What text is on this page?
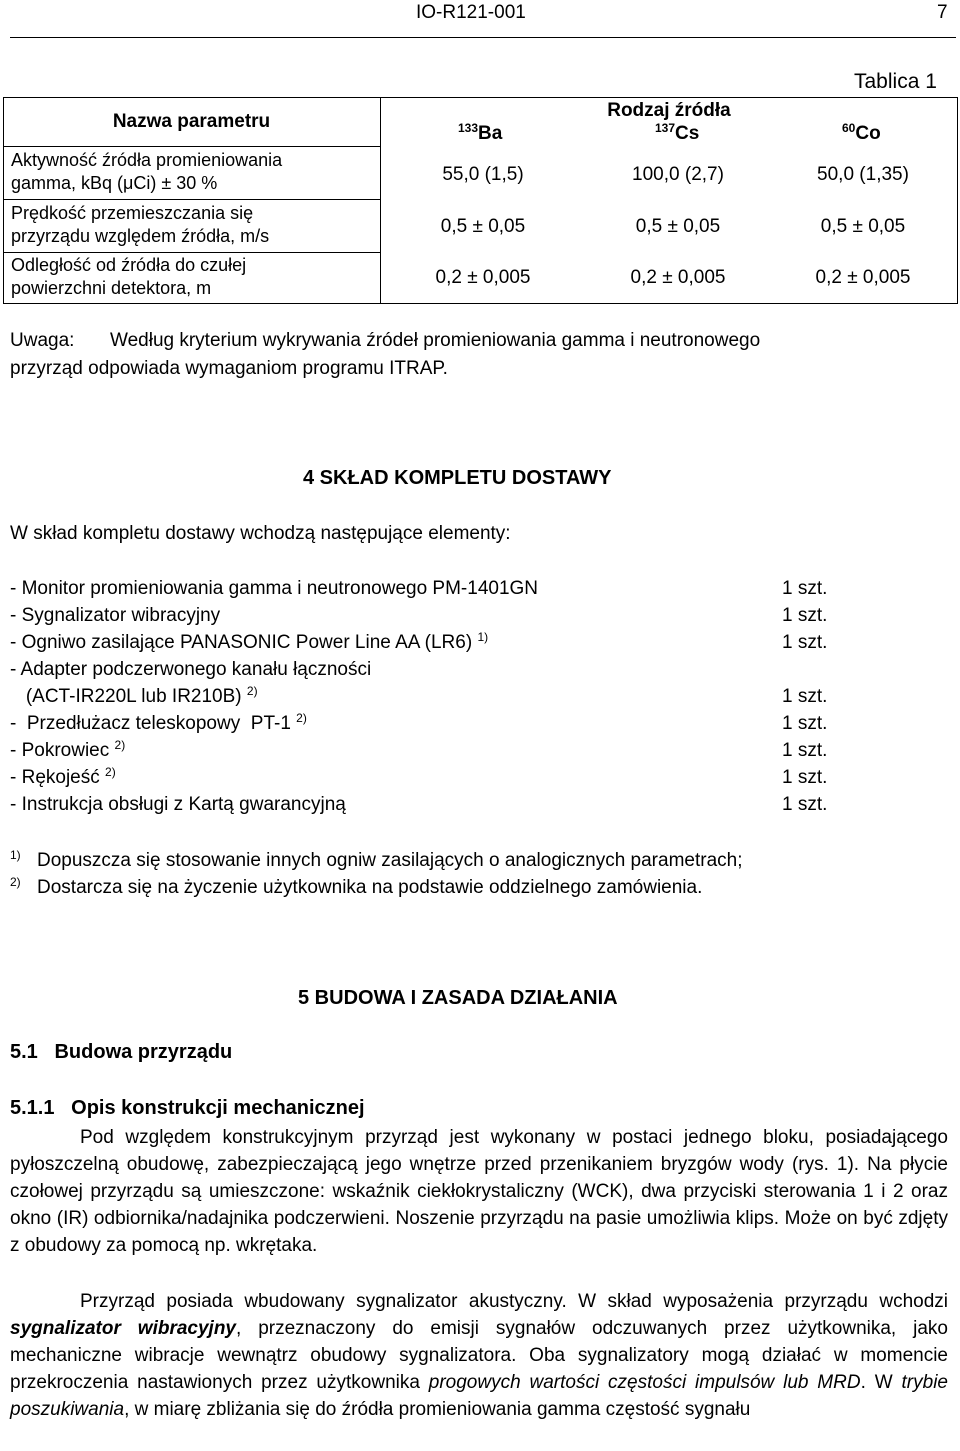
IO-R121-001	7
Tablica 1
Nazwa parametru
Rodzaj źródła
$^{133}$Ba	$^{137}$Cs	$^{60}$Co
Aktywność źródła promieniowania
gamma, kBq (μCi) ± 30 %	55,0 (1,5)	100,0 (2,7)	50,0 (1,35)
Prędkość przemieszczania się
przyrządu względem źródła, m/s	0,5 ± 0,05	0,5 ± 0,05	0,5 ± 0,05
Odległość od źródła do czułej
powierzchni detektora, m	0,2 ± 0,005	0,2 ± 0,005	0,2 ± 0,005
Uwaga: Według kryterium wykrywania źródeł promieniowania gamma i neutronowego
przyrząd odpowiada wymaganiom programu ITRAP.
4 SKŁAD KOMPLETU DOSTAWY
W skład kompletu dostawy wchodzą następujące elementy:
- Monitor promieniowania gamma i neutronowego PM-1401GN	1 szt.
- Sygnalizator wibracyjny	1 szt.
- Ogniwo zasilające PANASONIC Power Line AA (LR6) $^{1)}$	1 szt.
- Adapter podczerwonego kanału łączności
(ACT-IR220L lub IR210B) $^{2)}$	1 szt.
-  Przedłużacz teleskopowy  PT-1 $^{2)}$	1 szt.
- Pokrowiec $^{2)}$	1 szt.
- Rękojeść $^{2)}$	1 szt.
- Instrukcja obsługi z Kartą gwarancyjną	1 szt.
1) Dopuszcza się stosowanie innych ogniw zasilających o analogicznych parametrach;
2) Dostarcza się na życzenie użytkownika na podstawie oddzielnego zamówienia.
5 BUDOWA I ZASADA DZIAŁANIA
5.1   Budowa przyrządu
5.1.1   Opis konstrukcji mechanicznej
Pod względem konstrukcyjnym przyrząd jest wykonany w postaci jednego bloku, posiadającego pyłoszczelną obudowę, zabezpieczającą jego wnętrze przed przenikaniem bryzgów wody (rys. 1). Na płycie czołowej przyrządu są umieszczone: wskaźnik ciekłokrystaliczny (WCK), dwa przyciski sterowania 1 i 2 oraz okno (IR) odbiornika/nadajnika podczerwieni. Noszenie przyrządu na pasie umożliwia klips. Może on być zdjęty z obudowy za pomocą np. wkrętaka.
Przyrząd posiada wbudowany sygnalizator akustyczny. W skład wyposażenia przyrządu wchodzi sygnalizator wibracyjny, przeznaczony do emisji sygnałów odczuwanych przez użytkownika, jako mechaniczne wibracje wewnątrz obudowy sygnalizatora. Oba sygnalizatory mogą działać w momencie przekroczenia nastawionych przez użytkownika progowych wartości częstości impulsów lub MRD. W trybie poszukiwania, w miarę zbliżania się do źródła promieniowania gamma częstość sygnału
